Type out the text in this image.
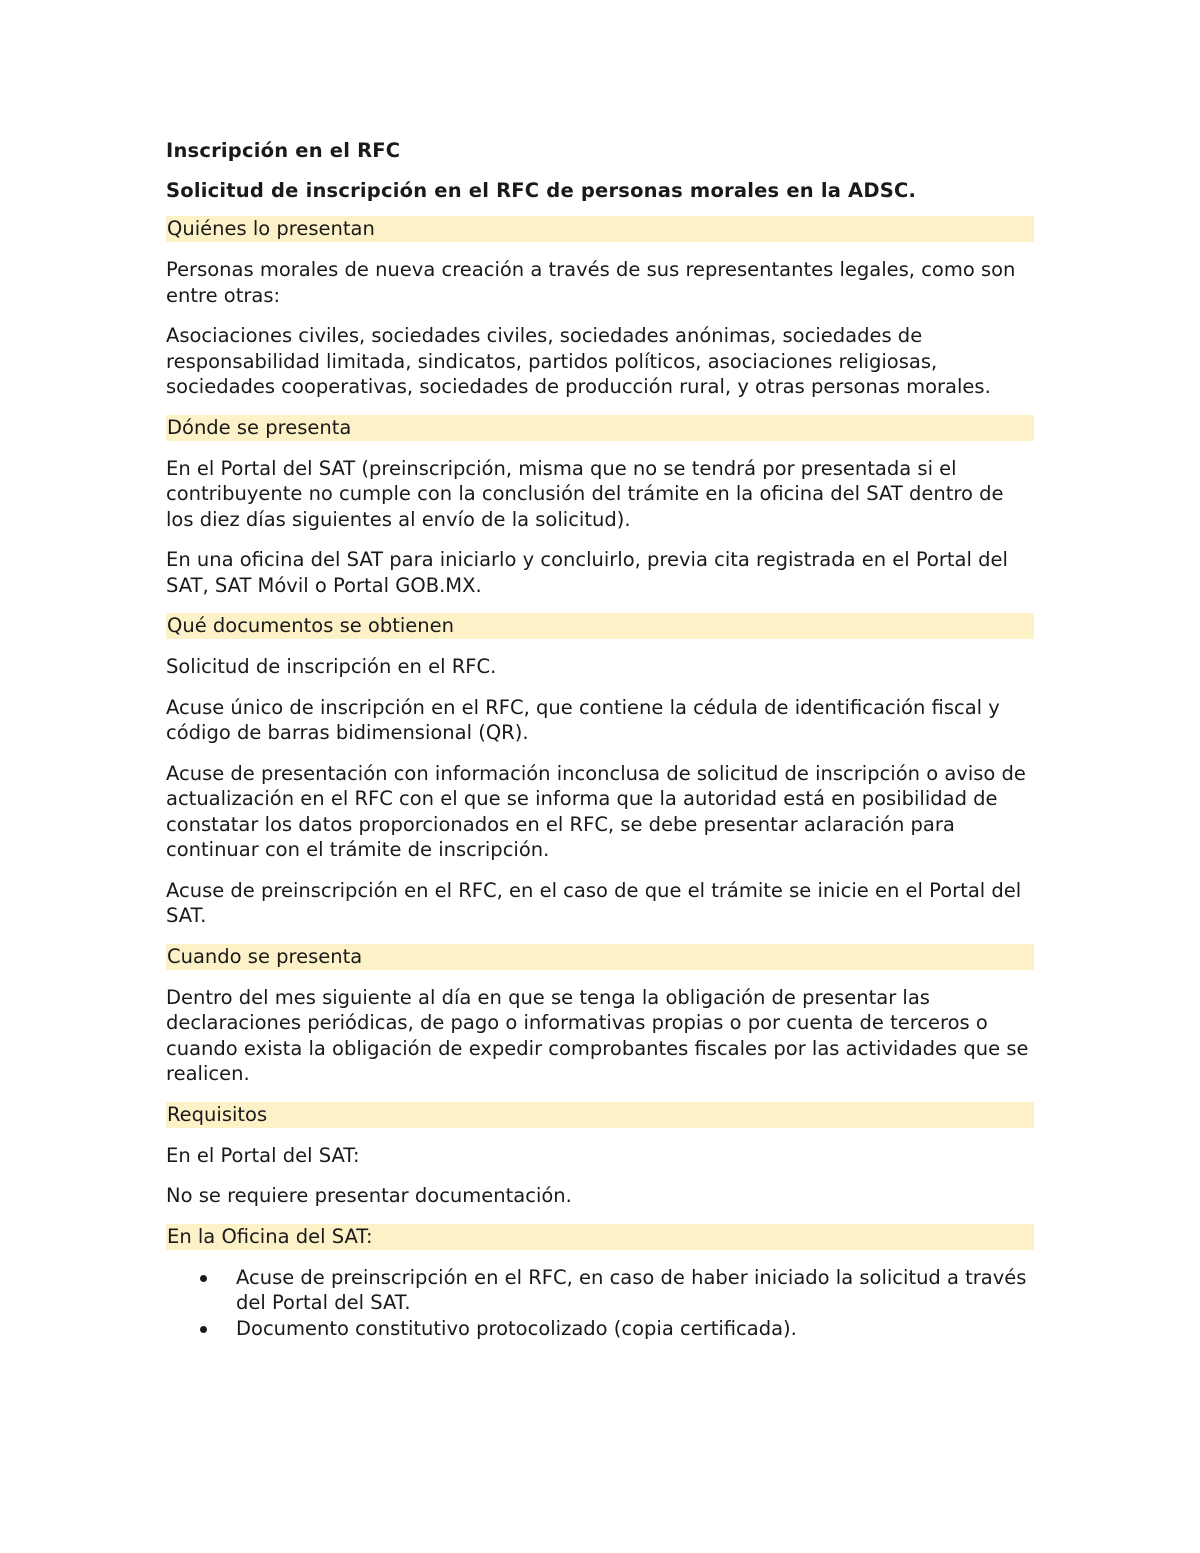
Inscripción en el RFC
Solicitud de inscripción en el RFC de personas morales en la ADSC.
Quiénes lo presentan

Personas morales de nueva creación a través de sus representantes legales, como son entre otras:

Asociaciones civiles, sociedades civiles, sociedades anónimas, sociedades de responsabilidad limitada, sindicatos, partidos políticos, asociaciones religiosas, sociedades cooperativas, sociedades de producción rural, y otras personas morales.

Dónde se presenta

En el Portal del SAT (preinscripción, misma que no se tendrá por presentada si el contribuyente no cumple con la conclusión del trámite en la oficina del SAT dentro de los diez días siguientes al envío de la solicitud).

En una oficina del SAT para iniciarlo y concluirlo, previa cita registrada en el Portal del SAT, SAT Móvil o Portal GOB.MX.

Qué documentos se obtienen

Solicitud de inscripción en el RFC.

Acuse único de inscripción en el RFC, que contiene la cédula de identificación fiscal y código de barras bidimensional (QR).

Acuse de presentación con información inconclusa de solicitud de inscripción o aviso de actualización en el RFC con el que se informa que la autoridad está en posibilidad de constatar los datos proporcionados en el RFC, se debe presentar aclaración para continuar con el trámite de inscripción.

Acuse de preinscripción en el RFC, en el caso de que el trámite se inicie en el Portal del SAT.

Cuando se presenta

Dentro del mes siguiente al día en que se tenga la obligación de presentar las declaraciones periódicas, de pago o informativas propias o por cuenta de terceros o cuando exista la obligación de expedir comprobantes fiscales por las actividades que se realicen.

Requisitos

En el Portal del SAT:

No se requiere presentar documentación.

En la Oficina del SAT:
Acuse de preinscripción en el RFC, en caso de haber iniciado la solicitud a través del Portal del SAT.
Documento constitutivo protocolizado (copia certificada).
